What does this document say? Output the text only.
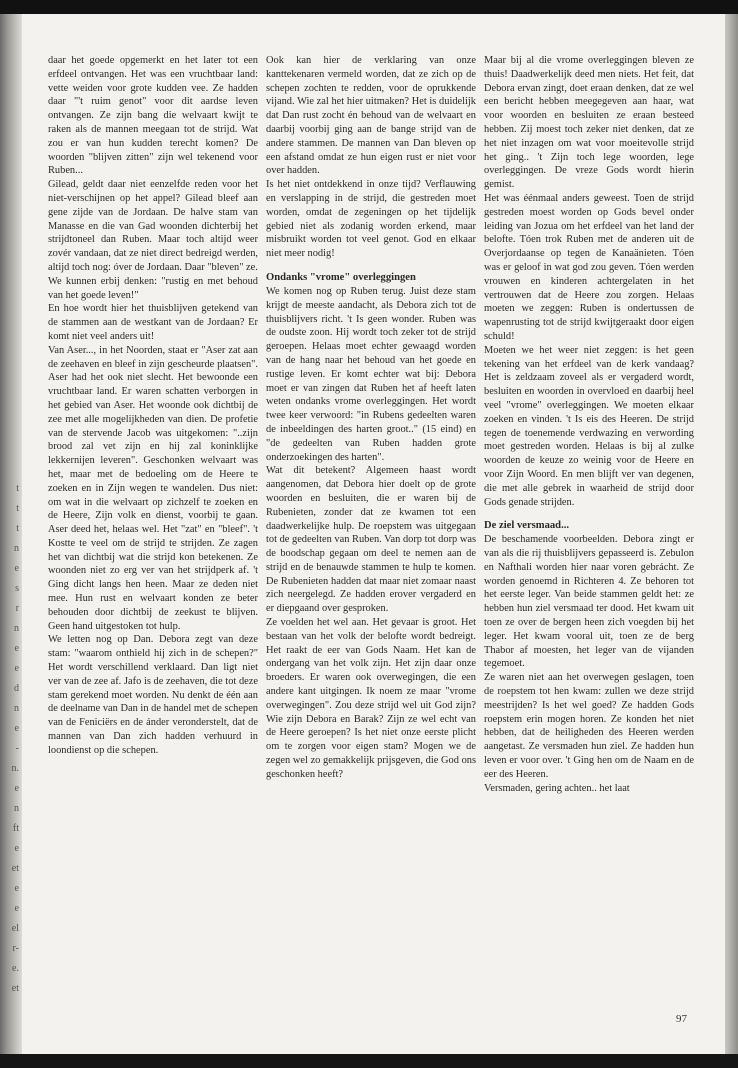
t
t
t
n
e
s
r
n
e
e
d
n
e
-
n.
e
n
ft
e
et
e
e
el
r-
e.
et

daar het goede opgemerkt en het later tot een erfdeel ontvangen. Het was een vruchtbaar land: vette weiden voor grote kudden vee. Ze hadden daar "'t ruim genot" voor dit aardse leven ontvangen. Ze zijn bang die welvaart kwijt te raken als de mannen meegaan tot de strijd. Wat zou er van hun kudden terecht komen? De woorden "blijven zitten" zijn wel tekenend voor Ruben...

Gilead, geldt daar niet eenzelfde reden voor het niet-verschijnen op het appel? Gilead bleef aan gene zijde van de Jordaan. De halve stam van Manasse en die van Gad woonden dichterbij het strijdtoneel dan Ruben. Maar toch altijd weer zovér vandaan, dat ze niet direct bedreigd werden, altijd toch nog: óver de Jordaan. Daar "bleven" ze.

We kunnen erbij denken: "rustig en met behoud van het goede leven!"

En hoe wordt hier het thuisblijven getekend van de stammen aan de westkant van de Jordaan? Er komt niet veel anders uit!

Van Aser..., in het Noorden, staat er "Aser zat aan de zeehaven en bleef in zijn gescheurde plaatsen". Aser had het ook niet slecht. Het bewoonde een vruchtbaar land. Er waren schatten verborgen in het gebied van Aser. Het woonde ook dichtbij de zee met alle mogelijkheden van dien. De profetie van de stervende Jacob was uitgekomen: "..zijn brood zal vet zijn en hij zal koninklijke lekkernijen leveren". Geschonken welvaart was het, maar met de bedoeling om de Heere te zoeken en in Zijn wegen te wandelen. Dus niet: om wat in die welvaart op zichzelf te zoeken en de Heere, Zijn volk en dienst, voorbij te gaan. Aser deed het, helaas wel. Het "zat" en "bleef". 't Kostte te veel om de strijd te strijden. Ze zagen het van dichtbij wat die strijd kon betekenen. Ze woonden niet zo erg ver van het strijdperk af. 't Ging dicht langs hen heen. Maar ze deden niet mee. Hun rust en welvaart konden ze beter behouden door dichtbij de zeekust te blijven. Geen hand uitgestoken tot hulp.

We letten nog op Dan. Debora zegt van deze stam: "waarom onthield hij zich in de schepen?" Het wordt verschillend verklaard. Dan ligt niet ver van de zee af. Jafo is de zeehaven, die tot deze stam gerekend moet worden. Nu denkt de één aan de deelname van Dan in de handel met de schepen van de Feniciërs en de ánder veronderstelt, dat de mannen van Dan zich hadden verhuurd in loondienst op die schepen.

Ook kan hier de verklaring van onze kanttekenaren vermeld worden, dat ze zich op de schepen zochten te redden, voor de oprukkende vijand. Wie zal het hier uitmaken? Het is duidelijk dat Dan rust zocht én behoud van de welvaart en daarbij voorbij ging aan de bange strijd van de andere stammen. De mannen van Dan bleven op een afstand omdat ze hun eigen rust er niet voor over hadden.

Is het niet ontdekkend in onze tijd? Verflauwing en verslapping in de strijd, die gestreden moet worden, omdat de zegeningen op het tijdelijk gebied niet als zodanig worden erkend, maar misbruikt worden tot veel genot. God en elkaar niet meer nodig!

Ondanks "vrome" overleggingen

We komen nog op Ruben terug. Juist deze stam krijgt de meeste aandacht, als Debora zich tot de thuisblijvers richt. 't Is geen wonder. Ruben was de oudste zoon. Hij wordt toch zeker tot de strijd geroepen. Helaas moet echter gewaagd worden van de hang naar het behoud van het goede en rustige leven. Er komt echter wat bij: Debora moet er van zingen dat Ruben het af heeft laten weten ondanks vrome overleggingen. Het wordt twee keer verwoord: "in Rubens gedeelten waren de inbeeldingen des harten groot.." (15 eind) en "de gedeelten van Ruben hadden grote onderzoekingen des harten".

Wat dit betekent? Algemeen haast wordt aangenomen, dat Debora hier doelt op de grote woorden en besluiten, die er waren bij de Rubenieten, zonder dat ze kwamen tot een daadwerkelijke hulp. De roepstem was uitgegaan tot de gedeelten van Ruben. Van dorp tot dorp was de boodschap gegaan om deel te nemen aan de strijd en de benauwde stammen te hulp te komen. De Rubenieten hadden dat maar niet zomaar naast zich neergelegd. Ze hadden erover vergaderd en er diepgaand over gesproken.

Ze voelden het wel aan. Het gevaar is groot. Het bestaan van het volk der belofte wordt bedreigt. Het raakt de eer van Gods Naam. Het kan de ondergang van het volk zijn. Het zijn daar onze broeders. Er waren ook overwegingen, die een andere kant uitgingen. Ik noem ze maar "vrome overwegingen". Zou deze strijd wel uit God zijn? Wie zijn Debora en Barak? Zijn ze wel echt van de Heere geroepen? Is het niet onze eerste plicht om te zorgen voor eigen stam? Mogen we de zegen wel zo gemakkelijk prijsgeven, die God ons geschonken heeft?

Maar bij al die vrome overleggingen bleven ze thuis! Daadwerkelijk deed men niets. Het feit, dat Debora ervan zingt, doet eraan denken, dat ze wel een bericht hebben meegegeven aan haar, wat voor woorden en besluiten ze eraan besteed hebben. Zij moest toch zeker niet denken, dat ze het niet inzagen om wat voor moeitevolle strijd het ging.. 't Zijn toch lege woorden, lege overleggingen. De vreze Gods wordt hierin gemist.

Het was éénmaal anders geweest. Toen de strijd gestreden moest worden op Gods bevel onder leiding van Jozua om het erfdeel van het land der belofte. Tóen trok Ruben met de anderen uit de Overjordaanse op tegen de Kanaänieten. Tóen was er geloof in wat god zou geven. Tóen werden vrouwen en kinderen achtergelaten in het vertrouwen dat de Heere zou zorgen. Helaas moeten we zeggen: Ruben is ondertussen de wapenrusting tot de strijd kwijtgeraakt door eigen schuld!

Moeten we het weer niet zeggen: is het geen tekening van het erfdeel van de kerk vandaag? Het is zeldzaam zoveel als er vergaderd wordt, besluiten en woorden in overvloed en daarbij heel veel "vrome" overleggingen. We moeten elkaar zoeken en vinden. 't Is eis des Heeren. De strijd tegen de toenemende verdwazing en verwording moet gestreden worden. Helaas is bij al zulke woorden de keuze zo weinig voor de Heere en voor Zijn Woord. En men blijft ver van degenen, die met alle gebrek in waarheid de strijd door Gods genade strijden.

De ziel versmaad...

De beschamende voorbeelden. Debora zingt er van als die rij thuisblijvers gepasseerd is. Zebulon en Nafthali worden hier naar voren gebrácht. Ze worden genoemd in Richteren 4. Ze behoren tot het eerste leger. Van beide stammen geldt het: ze hebben hun ziel versmaad ter dood. Het kwam uit toen ze over de bergen heen zich voegden bij het leger. Het kwam vooral uit, toen ze de berg Thabor af moesten, het leger van de vijanden tegemoet.

Ze waren niet aan het overwegen geslagen, toen de roepstem tot hen kwam: zullen we deze strijd meestrijden? Is het wel goed? Ze hadden Gods roepstem erin mogen horen. Ze konden het niet hebben, dat de heiligheden des Heeren werden aangetast. Ze versmaden hun ziel. Ze hadden hun leven er voor over. 't Ging hen om de Naam en de eer des Heeren.

Versmaden, gering achten.. het laat

97
